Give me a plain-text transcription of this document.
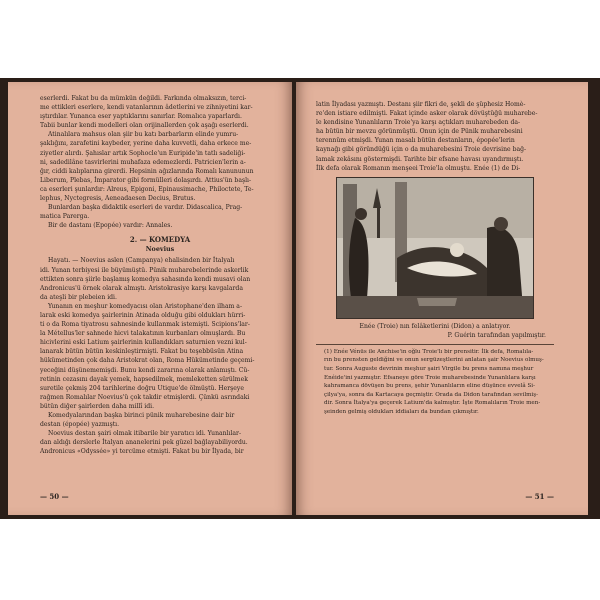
eserlerdi. Fakat bu da mümkün değildi. Farkında olmaksızın, terci-

me ettikleri eserlere, kendi vatanlarının âdetlerini ve zihniyetini kar-

ıştırdılar. Yunanca eser yaptıklarını sanırlar. Romalıca yaparlardı.

Tabii bunlar kendi modelleri olan orijinallerden çok aşağı eserlerdi.

Atinalılara mahsus olan şiir bu katı barbarların elinde yumru-

şaklığını, zarafetini kaybeder, yerine daha kuvvetli, daha erkece me-

ziyetler alırdı. Şahıslar artık Sophocle'un Euripide'in tatlı sadeliği-

ni, sadedilâne tasvirlerini muhafaza edemezlerdi. Patricien'lerin a-

ğır, ciddi kalıplarına girerdi. Hepsinin ağızlarında Romalı kanununun

Liberum, Plebas, İmparator gibi formülleri dolaşırdı. Attius'ün başlı-

ca eserleri şunlardır: Alreus, Epigoni, Epinausimache, Philoctete, Te-

lephus, Nyctegresis, Aeneadaesen Decius, Brutus.

Bunlardan başka didaktik eserleri de vardır. Didascalica, Prag-

matica Parerga.

Bir de dastanı (Epopée) vardır: Annales.

2. — KOMEDYA
Noevius

Hayatı. — Noevius aslen (Campanya) ehalisinden bir İtalyalı

idi. Yunan terbiyesi ile büyümüştü. Pünik muharebelerinde askerlik

ettikten sonra şiirle başlamış komedya sahasında kendi musavi olan

Andronicus'ü örnek olarak almıştı. Aristokrasiye karşı kavgalarda

da ateşli bir plebeien idi.

Yunanın en meşhur komedyacısı olan Aristophane'den ilham a-

larak eski komedya şairlerinin Atinada olduğu gibi oldukları hürri-

ti o da Roma tiyatrosu sahnesinde kullanmak istemişti. Scipions'lar-

la Métellus'ler sahnede hicvi talakatının kurbanları olmuşlardı. Bu

hicivlerini eski Latium şairlerinin kullandıkları saturnien vezni kul-

lanarak bütün bütün keskinleştirmişti. Fakat bu teşebbüsün Atina

hükümetinden çok daha Aristokrat olan, Roma Hükümetinde geçemi-

yeceğini düşünememişdi. Bunu kendi zararına olarak anlamıştı. Cü-

retinin cezasını dayak yemek, hapsedilmek, memleketten sürülmek

suretile çekmiş 204 tarihlerine doğru Utique'de ölmüştü. Herşeye

rağmen Romalılar Noevius'ü çok takdir etmişlerdi. Çünkü asrındaki

bütün diğer şairlerden daha millî idi.

Komedyalarından başka birinci pünik muharebesine dair bir

destan (épopée) yazmıştı.

Noevius destan şairi olmak itibarile bir yaratıcı idi. Yunanlılar-

dan aldığı derslerle İtalyan ananelerini pek güzel bağlayabiliyordu.

Andronicus «Odyssée» yi tercüme etmişti. Fakat bu bir İlyada, bir

— 50 —

latin İlyadası yazmıştı. Destanı şiir fikri de, şekli de şüphesiz Homè-

re'den istiare edilmişti. Fakat içinde asker olarak dövüştüğü muharebe-

le kendisine Yunanlıların Troie'ya karşı açtıkları muharebeden da-

ha bütün bir mevzu görünmüştü. Onun için de Pünik muharebesini

terennüm etmişdi. Yunan masalı bütün destanların, épopée'lerin

kaynağı gibi göründüğü için o da muharebesini Troie devrisine bağ-

lamak zekâsını göstermişdi. Tarihte bir efsane havası uyandırmıştı.

İlk defa olarak Romanın menşeei Troie'la olmuştu. Enée (1) de Di-

Enée (Troie) nın felâketlerini (Didon) a anlatıyor.

P. Guérin tarafından yapılmıştır.

(1) Enée Vénüs ile Anchise'in oğlu Troie'lı bir prensitir. İlk defa, Romalıla-

rın bu prensten geldiğini ve onun sergüzeştlerini anlatan şair Noevius olmuş-

tur. Sonra Auguste devrinin meşhur şairi Virgile bu prens namına meşhur

Enéide'ini yazmıştır. Efsaneye göre Troie muharebesinde Yunanlılara karşı

kahramanca dövüşen bu prens, şehir Yunanlıların eline düşünce evvelâ Si-

çilya'ya, sonra da Kartacaya geçmiştir. Orada da Didon tarafından sevilmiş-

dir. Sonra İtalya'ya geçerek Latium'da kalmıştır. İşte Romalıların Troie men-

şeinden gelmiş oldukları iddiaları da bundan çıkmıştır.

— 51 —
